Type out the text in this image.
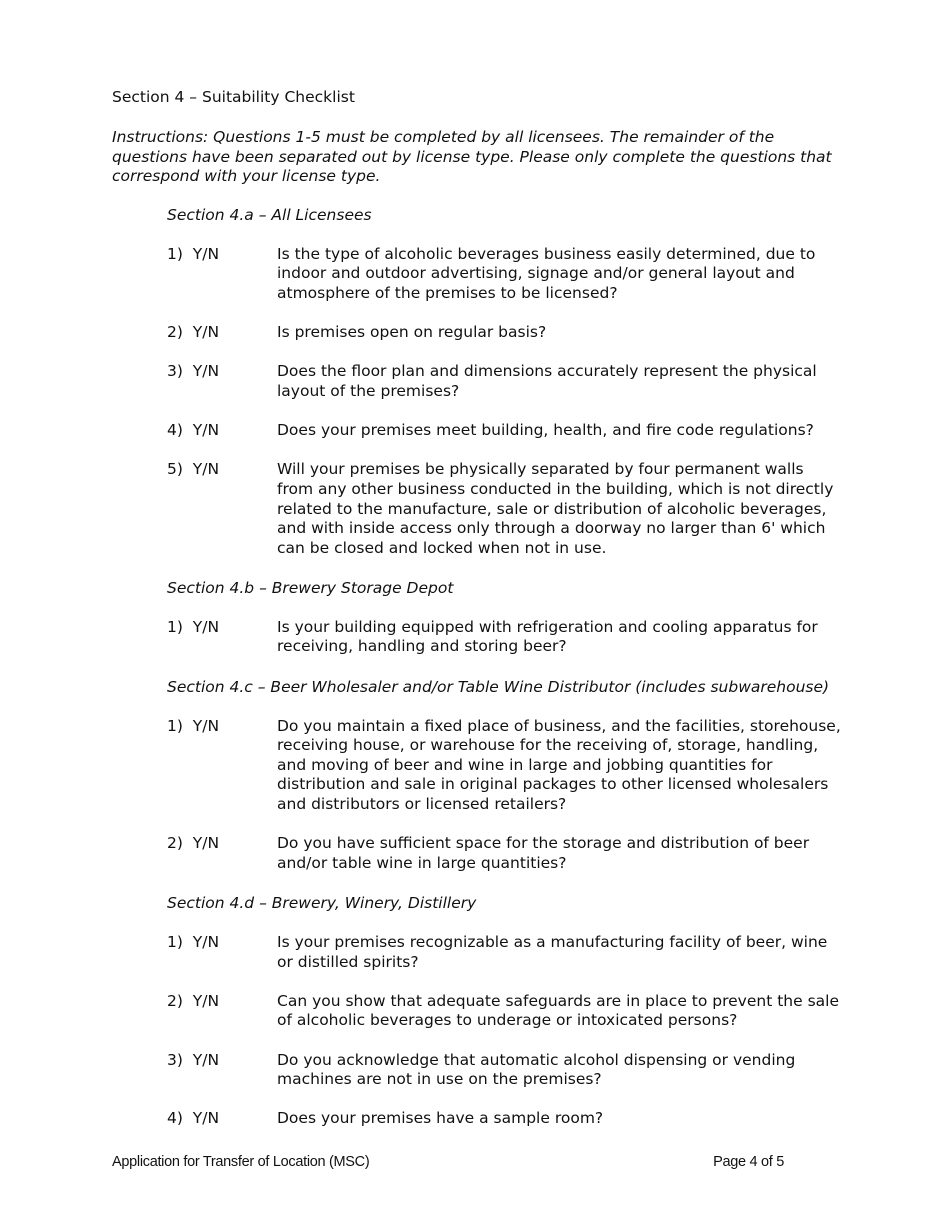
Section 4 – Suitability Checklist
Instructions: Questions 1-5 must be completed by all licensees. The remainder of the questions have been separated out by license type. Please only complete the questions that correspond with your license type.
Section 4.a – All Licensees
1)  Y/N	Is the type of alcoholic beverages business easily determined, due to indoor and outdoor advertising, signage and/or general layout and atmosphere of the premises to be licensed?
2)  Y/N	Is premises open on regular basis?
3)  Y/N	Does the floor plan and dimensions accurately represent the physical layout of the premises?
4)  Y/N	Does your premises meet building, health, and fire code regulations?
5)  Y/N	Will your premises be physically separated by four permanent walls from any other business conducted in the building, which is not directly related to the manufacture, sale or distribution of alcoholic beverages, and with inside access only through a doorway no larger than 6' which can be closed and locked when not in use.
Section 4.b – Brewery Storage Depot
1)  Y/N	Is your building equipped with refrigeration and cooling apparatus for receiving, handling and storing beer?
Section 4.c – Beer Wholesaler and/or Table Wine Distributor (includes subwarehouse)
1)  Y/N	Do you maintain a fixed place of business, and the facilities, storehouse, receiving house, or warehouse for the receiving of, storage, handling, and moving of beer and wine in large and jobbing quantities for distribution and sale in original packages to other licensed wholesalers and distributors or licensed retailers?
2)  Y/N	Do you have sufficient space for the storage and distribution of beer and/or table wine in large quantities?
Section 4.d – Brewery, Winery, Distillery
1)  Y/N	Is your premises recognizable as a manufacturing facility of beer, wine or distilled spirits?
2)  Y/N	Can you show that adequate safeguards are in place to prevent the sale of alcoholic beverages to underage or intoxicated persons?
3)  Y/N	Do you acknowledge that automatic alcohol dispensing or vending machines are not in use on the premises?
4)  Y/N	Does your premises have a sample room?
Application for Transfer of Location (MSC)	Page 4 of 5
